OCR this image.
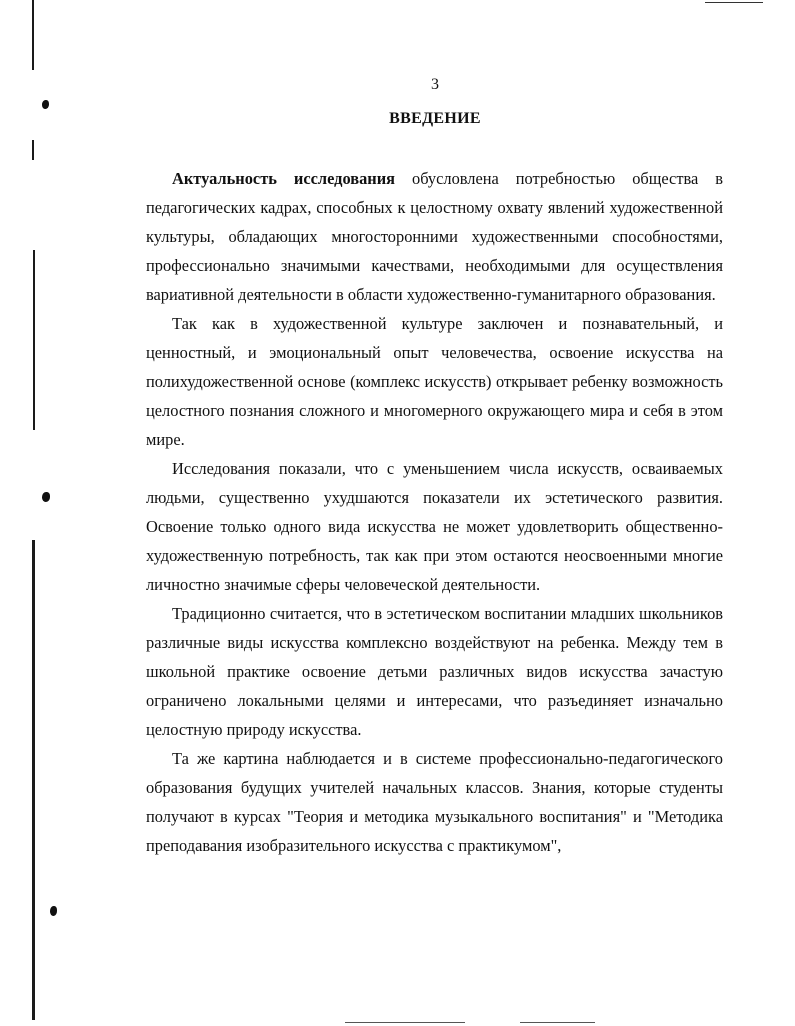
3
ВВЕДЕНИЕ

Актуальность исследования обусловлена потребностью общества в педагогических кадрах, способных к целостному охвату явлений художественной культуры, обладающих многосторонними художественными способностями, профессионально значимыми качествами, необходимыми для осуществления вариативной деятельности в области художественно-гуманитарного образования.

Так как в художественной культуре заключен и познавательный, и ценностный, и эмоциональный опыт человечества, освоение искусства на полихудожественной основе (комплекс искусств) открывает ребенку возможность целостного познания сложного и многомерного окружающего мира и себя в этом мире.

Исследования показали, что с уменьшением числа искусств, осваиваемых людьми, существенно ухудшаются показатели их эстетического развития. Освоение только одного вида искусства не может удовлетворить общественно-художественную потребность, так как при этом остаются неосвоенными многие личностно значимые сферы человеческой деятельности.

Традиционно считается, что в эстетическом воспитании младших школьников различные виды искусства комплексно воздействуют на ребенка. Между тем в школьной практике освоение детьми различных видов искусства зачастую ограничено локальными целями и интересами, что разъединяет изначально целостную природу искусства.

Та же картина наблюдается и в системе профессионально-педагогического образования будущих учителей начальных классов. Знания, которые студенты получают в курсах "Теория и методика музыкального воспитания" и "Методика преподавания изобразительного искусства с практикумом",
